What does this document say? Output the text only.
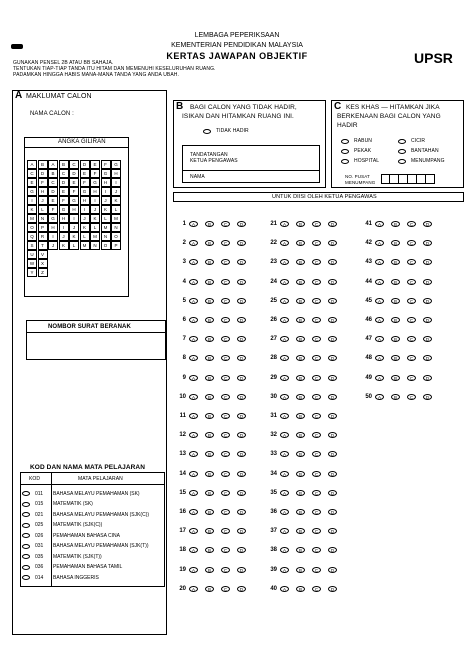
LEMBAGA PEPERIKSAAN
KEMENTERIAN PENDIDIKAN MALAYSIA
KERTAS JAWAPAN OBJEKTIF	UPSR
GUNAKAN PENSEL 2B ATAU BB SAHAJA.
TENTUKAN TIAP-TIAP TANDA ITU HITAM DAN MEMENUHI KESELURUHAN RUANG.
PADAMKAN HINGGA HABIS MANA-MANA TANDA YANG ANDA UBAH.
A MAKLUMAT CALON
NAMA CALON :
ANGKA GILIRAN
A	B	A	B	C	D	E	F	G
C	D	B	C	D	E	F	G	H
E	F	C	D	E	F	G	H	I
G	H	D	E	F	G	H	I	J
I	J	E	F	G	H	I	J	K
K	L	F	G	H	I	J	K	L
M	N	G	H	I	J	K	L	M
O	P	H	I	J	K	L	M	N
Q	R	I	J	K	L	M	N	O
S	T	J	K	L	M	N	O	P
U	V
W	X
Y	Z
NOMBOR SURAT BERANAK
KOD DAN NAMA MATA PELAJARAN
KOD	MATA PELAJARAN
011	BAHASA MELAYU PEMAHAMAN (SK)
015	MATEMATIK (SK)
021	BAHASA MELAYU PEMAHAMAN (SJK(C))
025	MATEMATIK (SJK(C))
026	PEMAHAMAN BAHASA CINA
031	BAHASA MELAYU PEMAHAMAN (SJK(T))
035	MATEMATIK (SJK(T))
036	PEMAHAMAN BAHASA TAMIL
014	BAHASA INGGERIS
B BAGI CALON YANG TIDAK HADIR,
ISIKAN DAN HITAMKAN RUANG INI.
TIDAK HADIR
TANDATANGAN
KETUA PENGAWAS
NAMA
C KES KHAS — HITAMKAN JIKA
BERKENAAN BAGI CALON YANG
HADIR
RABUN	CICIR
PEKAK	BANTAHAN
HOSPITAL	MENUMPANG
NO. PUSAT
MENUMPANG
UNTUK DIISI OLEH KETUA PENGAWAS
1	A	B	C	D
2	A	B	C	D
3	A	B	C	D
4	A	B	C	D
5	A	B	C	D
6	A	B	C	D
7	A	B	C	D
8	A	B	C	D
9	A	B	C	D
10	A	B	C	D
11	A	B	C	D
12	A	B	C	D
13	A	B	C	D
14	A	B	C	D
15	A	B	C	D
16	A	B	C	D
17	A	B	C	D
18	A	B	C	D
19	A	B	C	D
20	A	B	C	D
21	A	B	C	D
22	A	B	C	D
23	A	B	C	D
24	A	B	C	D
25	A	B	C	D
26	A	B	C	D
27	A	B	C	D
28	A	B	C	D
29	A	B	C	D
30	A	B	C	D
31	A	B	C	D
32	A	B	C	D
33	A	B	C	D
34	A	B	C	D
35	A	B	C	D
36	A	B	C	D
37	A	B	C	D
38	A	B	C	D
39	A	B	C	D
40	A	B	C	D
41	A	B	C	D
42	A	B	C	D
43	A	B	C	D
44	A	B	C	D
45	A	B	C	D
46	A	B	C	D
47	A	B	C	D
48	A	B	C	D
49	A	B	C	D
50	A	B	C	D
